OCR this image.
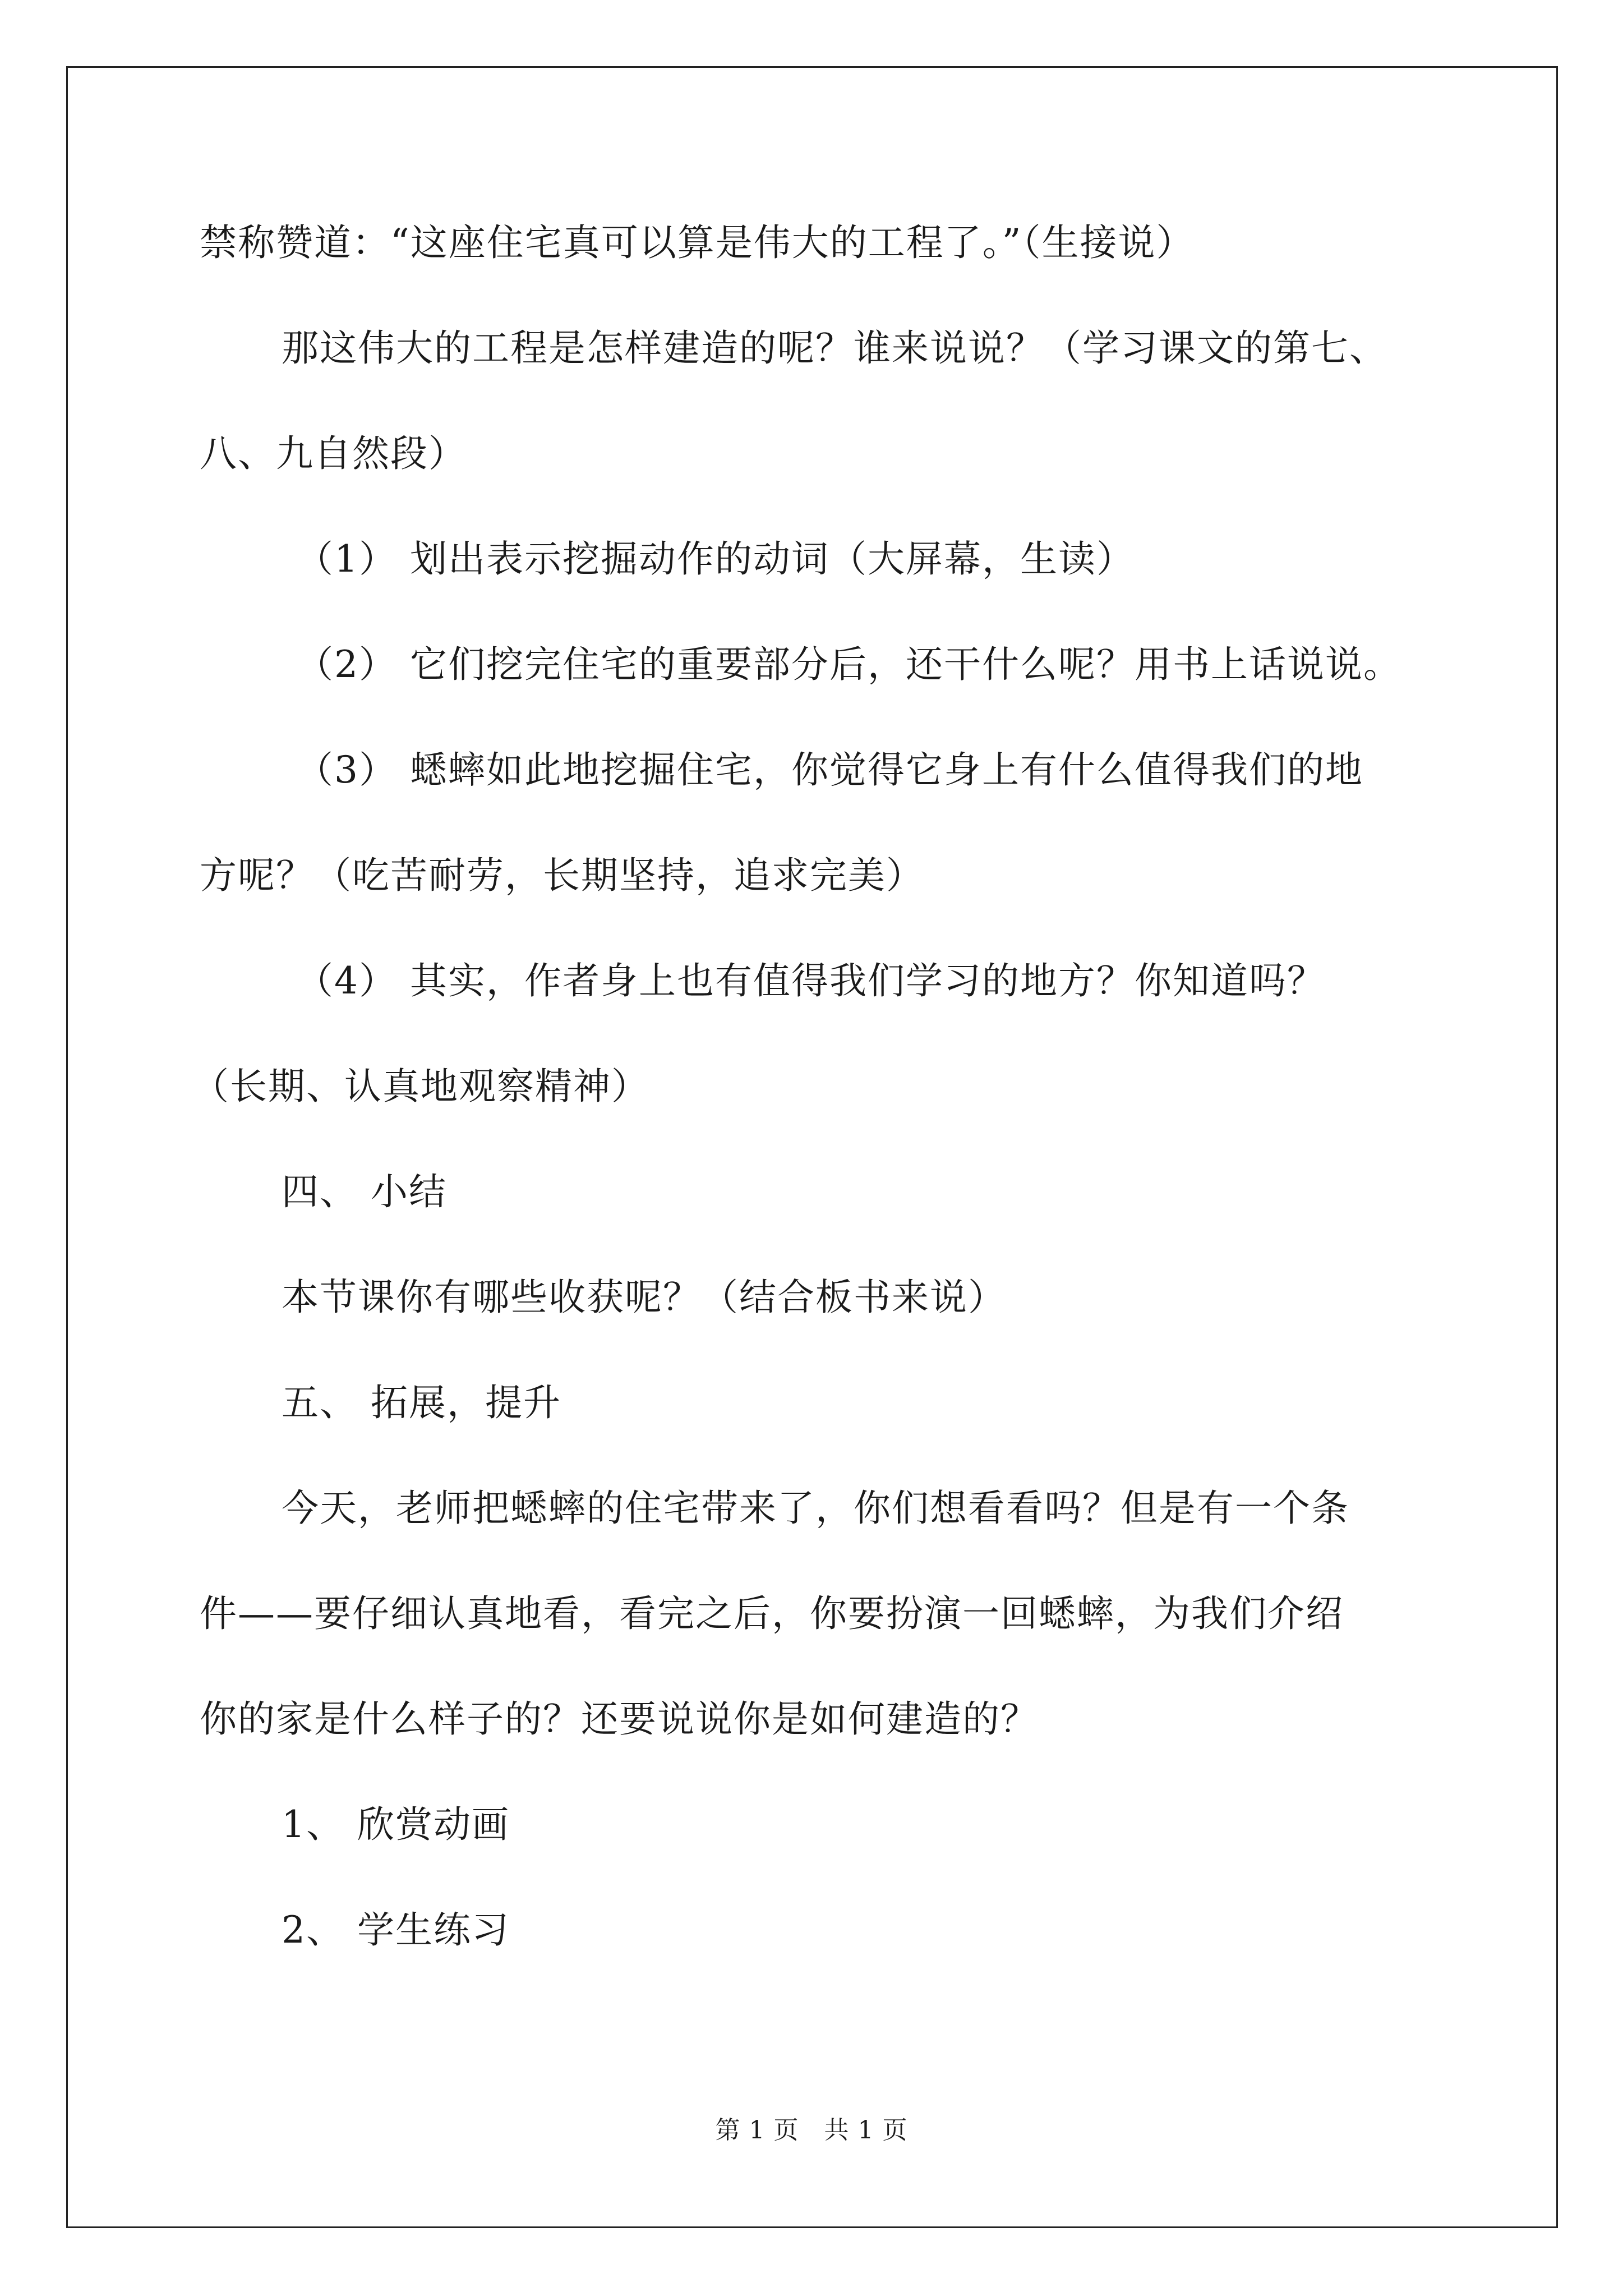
禁称赞道：“这座住宅真可以算是伟大的工程了。”（生接说）
那这伟大的工程是怎样建造的呢？谁来说说？（学习课文的第七、
八、九自然段）
（1） 划出表示挖掘动作的动词（大屏幕，生读）
（2） 它们挖完住宅的重要部分后，还干什么呢？用书上话说说。
（3） 蟋蟀如此地挖掘住宅，你觉得它身上有什么值得我们的地
方呢？（吃苦耐劳，长期坚持，追求完美）
（4） 其实，作者身上也有值得我们学习的地方？你知道吗？
（长期、认真地观察精神）
四、 小结
本节课你有哪些收获呢？（结合板书来说）
五、 拓展，提升
今天，老师把蟋蟀的住宅带来了，你们想看看吗？但是有一个条
件——要仔细认真地看，看完之后，你要扮演一回蟋蟀，为我们介绍
你的家是什么样子的？还要说说你是如何建造的？
1、 欣赏动画
2、 学生练习
第 1 页　共 1 页
